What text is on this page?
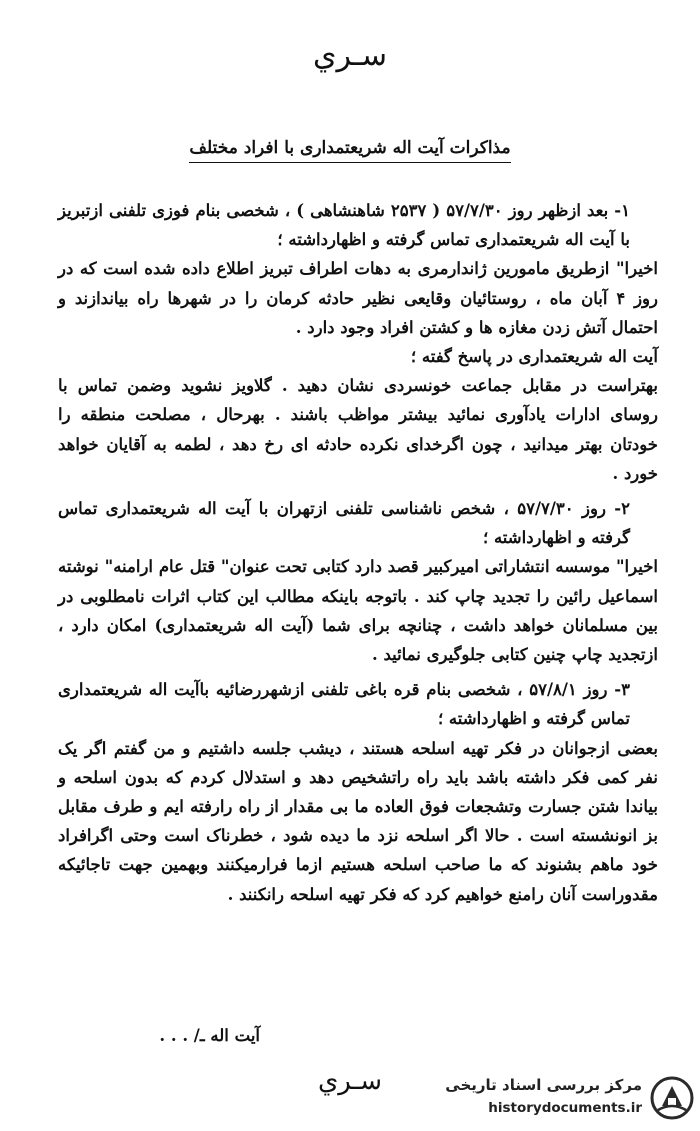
سـري
مذاکرات آیت اله شریعتمداری با افراد مختلف

۱- بعد ازظهر روز ۵۷/۷/۳۰ ( ۲۵۳۷ شاهنشاهی ) ، شخصی بنام فوزی تلفنی ازتبریز با آیت اله شریعتمداری تماس گرفته و اظهارداشته ؛

اخیرا" ازطریق مامورین ژاندارمری به دهات اطراف تبریز اطلاع داده شده است که در روز ۴ آبان ماه ، روستائیان وقایعی نظیر حادثه کرمان را در شهرها راه بیاندازند و احتمال آتش زدن مغازه ها و کشتن افراد وجود دارد .

آیت اله شریعتمداری در پاسخ گفته ؛

بهتراست در مقابل جماعت خونسردی نشان دهید . گلاویز نشوید وضمن تماس با روسای ادارات یادآوری نمائید بیشتر مواظب باشند . بهرحال ، مصلحت منطقه را خودتان بهتر میدانید ، چون اگرخدای نکرده حادثه ای رخ دهد ، لطمه به آقایان خواهد خورد .

۲- روز ۵۷/۷/۳۰ ، شخص ناشناسی تلفنی ازتهران با آیت اله شریعتمداری تماس گرفته و اظهارداشته ؛

اخیرا" موسسه انتشاراتی امیرکبیر قصد دارد کتابی تحت عنوان" قتل عام ارامنه" نوشته اسماعیل رائین را تجدید چاپ کند . باتوجه باینکه مطالب این کتاب اثرات نامطلوبی در بین مسلمانان خواهد داشت ، چنانچه برای شما (آیت اله شریعتمداری) امکان دارد ، ازتجدید چاپ چنین کتابی جلوگیری نمائید .

۳- روز ۵۷/۸/۱ ، شخصی بنام قره باغی تلفنی ازشهررضائیه باآیت اله شریعتمداری تماس گرفته و اظهارداشته ؛

بعضی ازجوانان در فکر تهیه اسلحه هستند ، دیشب جلسه داشتیم و من گفتم اگر یک نفر کمی فکر داشته باشد باید راه راتشخیص دهد و استدلال کردم که بدون اسلحه و بیاندا شتن جسارت وتشجعات فوق العاده ما بی مقدار از راه رارفته ایم و طرف مقابل بز انونشسته است . حالا اگر اسلحه نزد ما دیده شود ، خطرناک است وحتی اگرافراد خود ماهم بشنوند که ما صاحب اسلحه هستیم ازما فرارمیکنند وبهمین جهت تاجائیکه مقدوراست آنان رامنع خواهیم کرد که فکر تهیه اسلحه رانکنند .

آیت اله ـ/ . . .
سـري	مرکز بررسی اسناد تاریخی
historydocuments.ir
